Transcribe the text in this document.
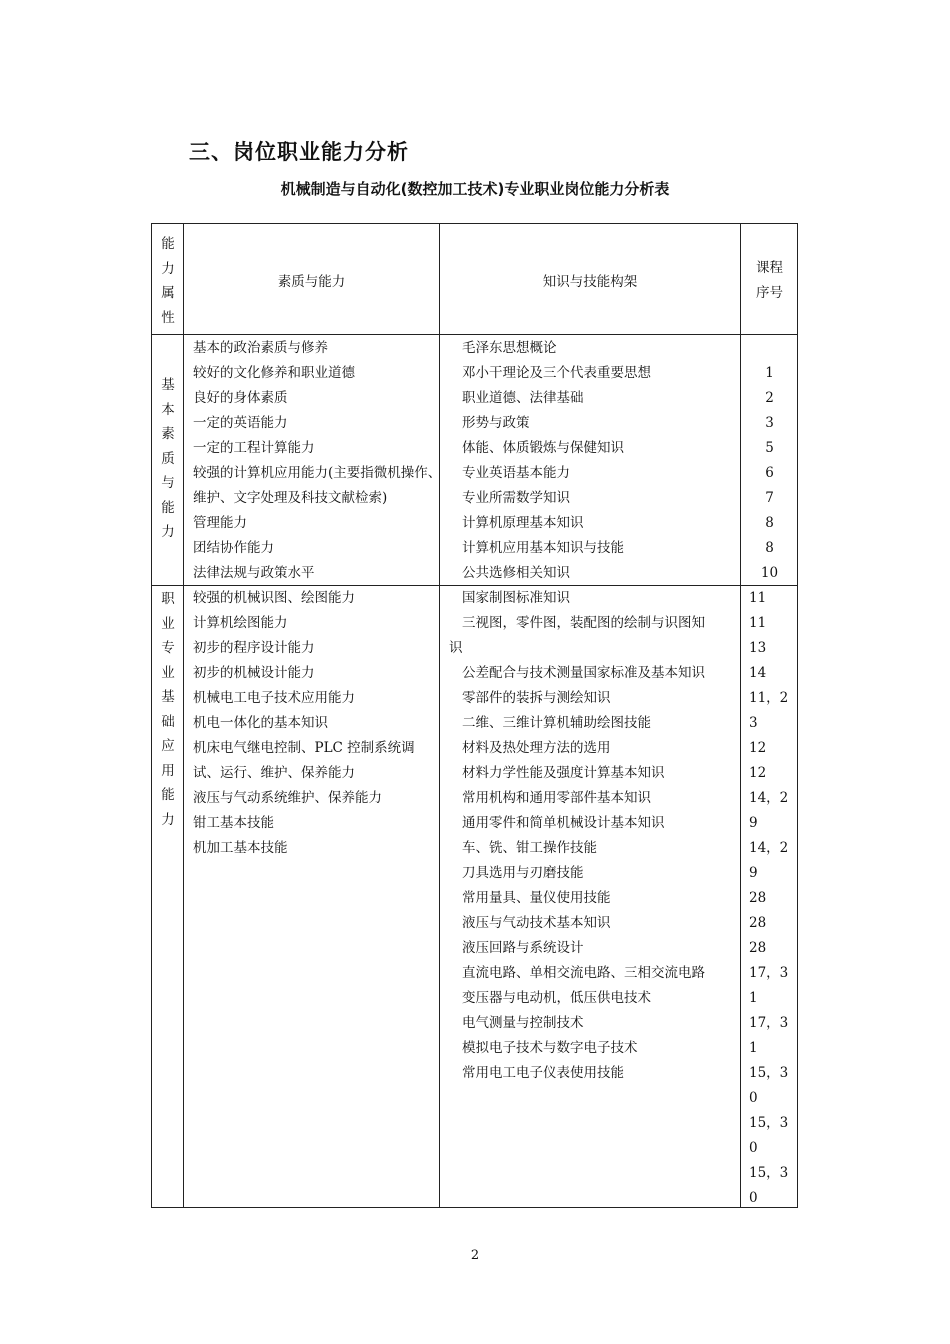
三、岗位职业能力分析
机械制造与自动化(数控加工技术)专业职业岗位能力分析表
能
力
属
性
素质与能力	知识与技能构架
课程
序号
基
本
素
质
与
能
力
基本的政治素质与修养
较好的文化修养和职业道德
良好的身体素质
一定的英语能力
一定的工程计算能力
较强的计算机应用能力(主要指微机操作、
维护、文字处理及科技文献检索)
管理能力
团结协作能力
法律法规与政策水平
毛泽东思想概论
邓小干理论及三个代表重要思想
职业道德、法律基础
形势与政策
体能、体质锻炼与保健知识
专业英语基本能力
专业所需数学知识
计算机原理基本知识
计算机应用基本知识与技能
公共选修相关知识
1
2
3
5
6
7
8
8
10
职
业
专
业
基
础
应
用
能
力
较强的机械识图、绘图能力
计算机绘图能力
初步的程序设计能力
初步的机械设计能力
机械电工电子技术应用能力
机电一体化的基本知识
机床电气继电控制、PLC 控制系统调
试、运行、维护、保养能力
液压与气动系统维护、保养能力
钳工基本技能
机加工基本技能
国家制图标准知识
三视图，零件图，装配图的绘制与识图知
识
公差配合与技术测量国家标准及基本知识
零部件的装拆与测绘知识
二维、三维计算机辅助绘图技能
材料及热处理方法的选用
材料力学性能及强度计算基本知识
常用机构和通用零部件基本知识
通用零件和简单机械设计基本知识
车、铣、钳工操作技能
刀具选用与刃磨技能
常用量具、量仪使用技能
液压与气动技术基本知识
液压回路与系统设计
直流电路、单相交流电路、三相交流电路
变压器与电动机，低压供电技术
电气测量与控制技术
模拟电子技术与数字电子技术
常用电工电子仪表使用技能
11
11
13
14
11，2
3
12
12
14，2
9
14，2
9
28
28
28
17，3
1
17，3
1
15，3
0
15，3
0
15，3
0
2
